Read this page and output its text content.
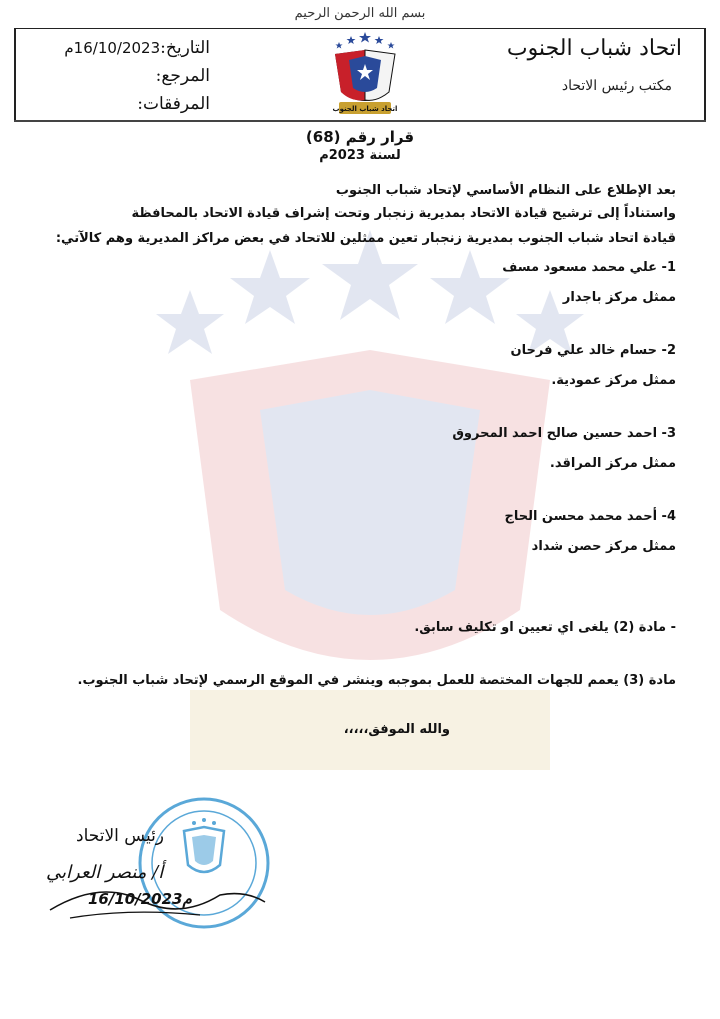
بسم الله الرحمن الرحيم
اتحاد شباب الجنوب
مكتب رئيس الاتحاد
التاريخ:16/10/2023م
المرجع:
المرفقات:	اتحاد شباب الجنوب
قرار رقم (68)
لسنة 2023م
بعد الإطلاع على النظام الأساسي لإتحاد شباب الجنوب
واستناداً إلى ترشيح قيادة الاتحاد بمديرية زنجبار وتحت إشراف قيادة الاتحاد بالمحافظة
قيادة اتحاد شباب الجنوب بمديرية زنجبار تعين ممثلين للاتحاد في بعض مراكز المديرية وهم كالآتي:
1- علي محمد مسعود مسف
ممثل مركز باجدار
2- حسام خالد علي فرحان
ممثل مركز عمودية.
3- احمد حسين صالح احمد المحروق
ممثل مركز المراقد.
4- أحمد محمد محسن الحاج
ممثل مركز حصن شداد
- مادة (2) يلغى اي تعيين او تكليف سابق.
مادة (3) يعمم للجهات المختصة للعمل بموجبه وينشر في الموقع الرسمي لإتحاد شباب الجنوب.
والله الموفق،،،،،
رئيس الاتحاد
أ/ منصر العرابي
16/10/2023م
